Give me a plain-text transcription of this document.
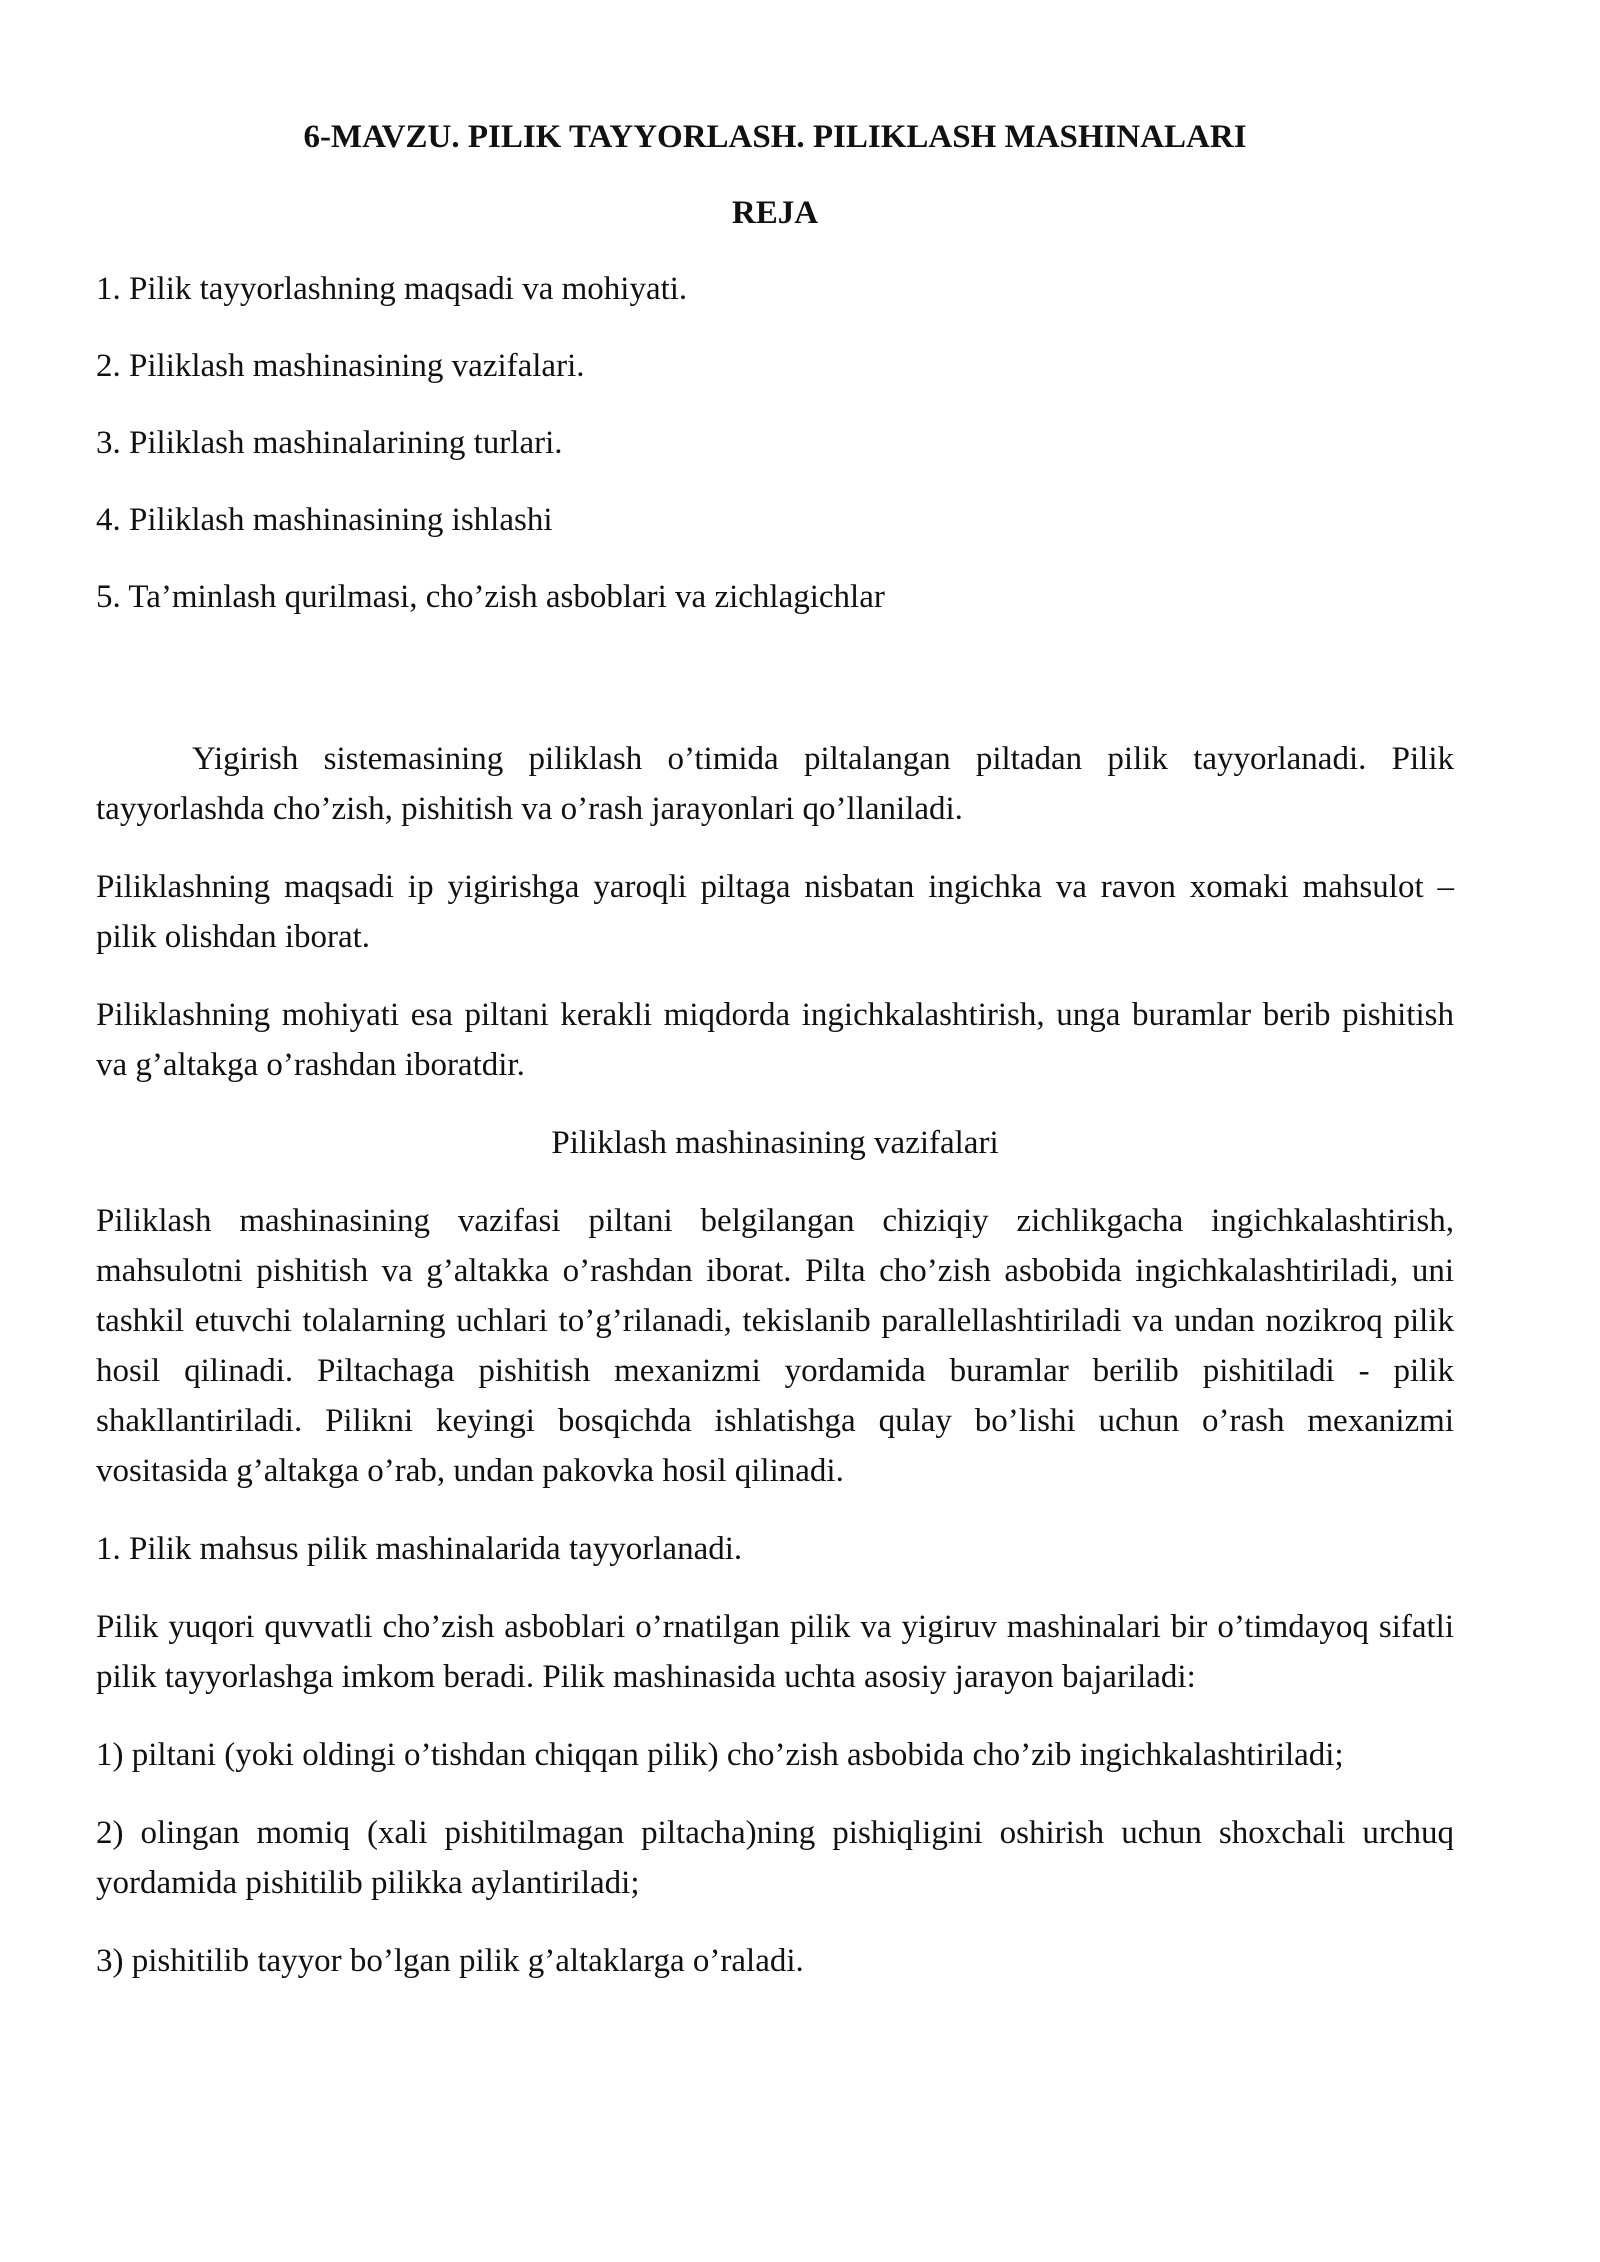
6-MAVZU. PILIK TAYYORLASH. PILIKLASH MASHINALARI
REJA
1. Pilik tayyorlashning maqsadi va mohiyati.
2. Piliklash mashinasining vazifalari.
3. Piliklash mashinalarining turlari.
4. Piliklash mashinasining ishlashi
5. Ta’minlash qurilmasi, cho’zish asboblari va zichlagichlar
Yigirish sistemasining piliklash o’timida piltalangan piltadan pilik tayyorlanadi. Pilik tayyorlashda cho’zish, pishitish va o’rash jarayonlari qo’llaniladi.
Piliklashning maqsadi ip yigirishga yaroqli piltaga nisbatan ingichka va ravon xomaki mahsulot – pilik olishdan iborat.
Piliklashning mohiyati esa piltani kerakli miqdorda ingichkalashtirish, unga buramlar berib pishitish va g’altakga o’rashdan iboratdir.
Piliklash mashinasining vazifalari
Piliklash mashinasining vazifasi piltani belgilangan chiziqiy zichlikgacha ingichkalashtirish, mahsulotni pishitish va g’altakka o’rashdan iborat. Pilta cho’zish asbobida ingichkalashtiriladi, uni tashkil etuvchi tolalarning uchlari to’g’rilanadi, tekislanib parallellashtiriladi va undan nozikroq pilik hosil qilinadi. Piltachaga pishitish mexanizmi yordamida buramlar berilib pishitiladi - pilik shakllantiriladi. Pilikni keyingi bosqichda ishlatishga qulay bo’lishi uchun o’rash mexanizmi vositasida g’altakga o’rab, undan pakovka hosil qilinadi.
1. Pilik mahsus pilik mashinalarida tayyorlanadi.
Pilik yuqori quvvatli cho’zish asboblari o’rnatilgan pilik va yigiruv mashinalari bir o’timdayoq sifatli pilik tayyorlashga imkom beradi. Pilik mashinasida uchta asosiy jarayon bajariladi:
1) piltani (yoki oldingi o’tishdan chiqqan pilik) cho’zish asbobida cho’zib ingichkalashtiriladi;
2) olingan momiq (xali pishitilmagan piltacha)ning pishiqligini oshirish uchun shoxchali urchuq yordamida pishitilib pilikka aylantiriladi;
3) pishitilib tayyor bo’lgan pilik g’altaklarga o’raladi.
